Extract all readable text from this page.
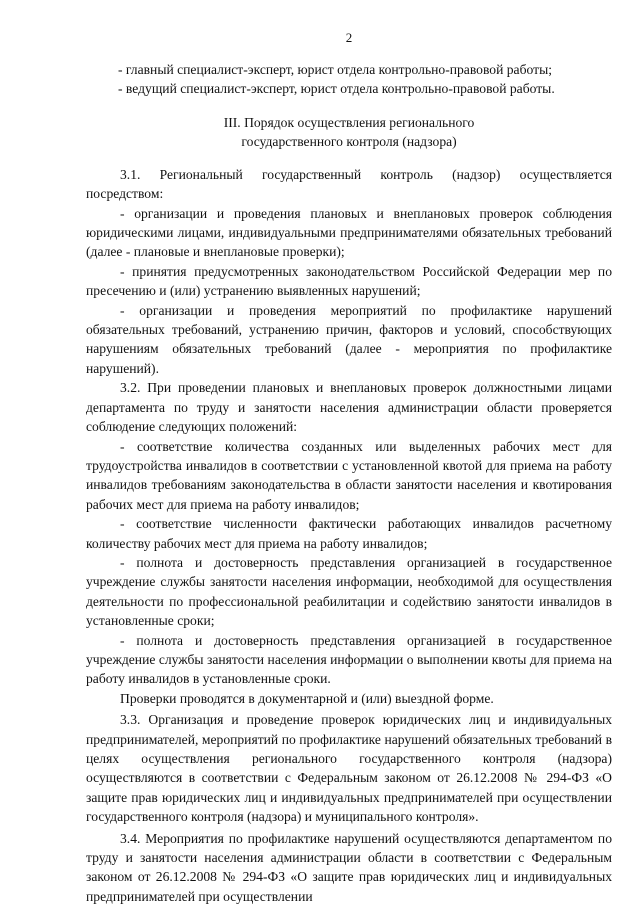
2

- главный специалист-эксперт, юрист отдела контрольно-правовой работы;

- ведущий специалист-эксперт, юрист отдела контрольно-правовой работы.

III. Порядок осуществления регионального
государственного контроля (надзора)

3.1. Региональный государственный контроль (надзор) осуществляется посредством:

- организации и проведения плановых и внеплановых проверок соблюдения юридическими лицами, индивидуальными предпринимателями обязательных требований (далее - плановые и внеплановые проверки);

- принятия предусмотренных законодательством Российской Федерации мер по пресечению и (или) устранению выявленных нарушений;

- организации и проведения мероприятий по профилактике нарушений обязательных требований, устранению причин, факторов и условий, способствующих нарушениям обязательных требований (далее - мероприятия по профилактике нарушений).

3.2. При проведении плановых и внеплановых проверок должностными лицами департамента по труду и занятости населения администрации области проверяется соблюдение следующих положений:

- соответствие количества созданных или выделенных рабочих мест для трудоустройства инвалидов в соответствии с установленной квотой для приема на работу инвалидов требованиям законодательства в области занятости населения и квотирования рабочих мест для приема на работу инвалидов;

- соответствие численности фактически работающих инвалидов расчетному количеству рабочих мест для приема на работу инвалидов;

- полнота и достоверность представления организацией в государственное учреждение службы занятости населения информации, необходимой для осуществления деятельности по профессиональной реабилитации и содействию занятости инвалидов в установленные сроки;

- полнота и достоверность представления организацией в государственное учреждение службы занятости населения информации о выполнении квоты для приема на работу инвалидов в установленные сроки.

Проверки проводятся в документарной и (или) выездной форме.

3.3. Организация и проведение проверок юридических лиц и индивидуальных предпринимателей, мероприятий по профилактике нарушений обязательных требований в целях осуществления регионального государственного контроля (надзора) осуществляются в соответствии с Федеральным законом от 26.12.2008 № 294-ФЗ «О защите прав юридических лиц и индивидуальных предпринимателей при осуществлении государственного контроля (надзора) и муниципального контроля».

3.4. Мероприятия по профилактике нарушений осуществляются департаментом по труду и занятости населения администрации области в соответствии с Федеральным законом от 26.12.2008 № 294-ФЗ «О защите прав юридических лиц и индивидуальных предпринимателей при осуществлении
